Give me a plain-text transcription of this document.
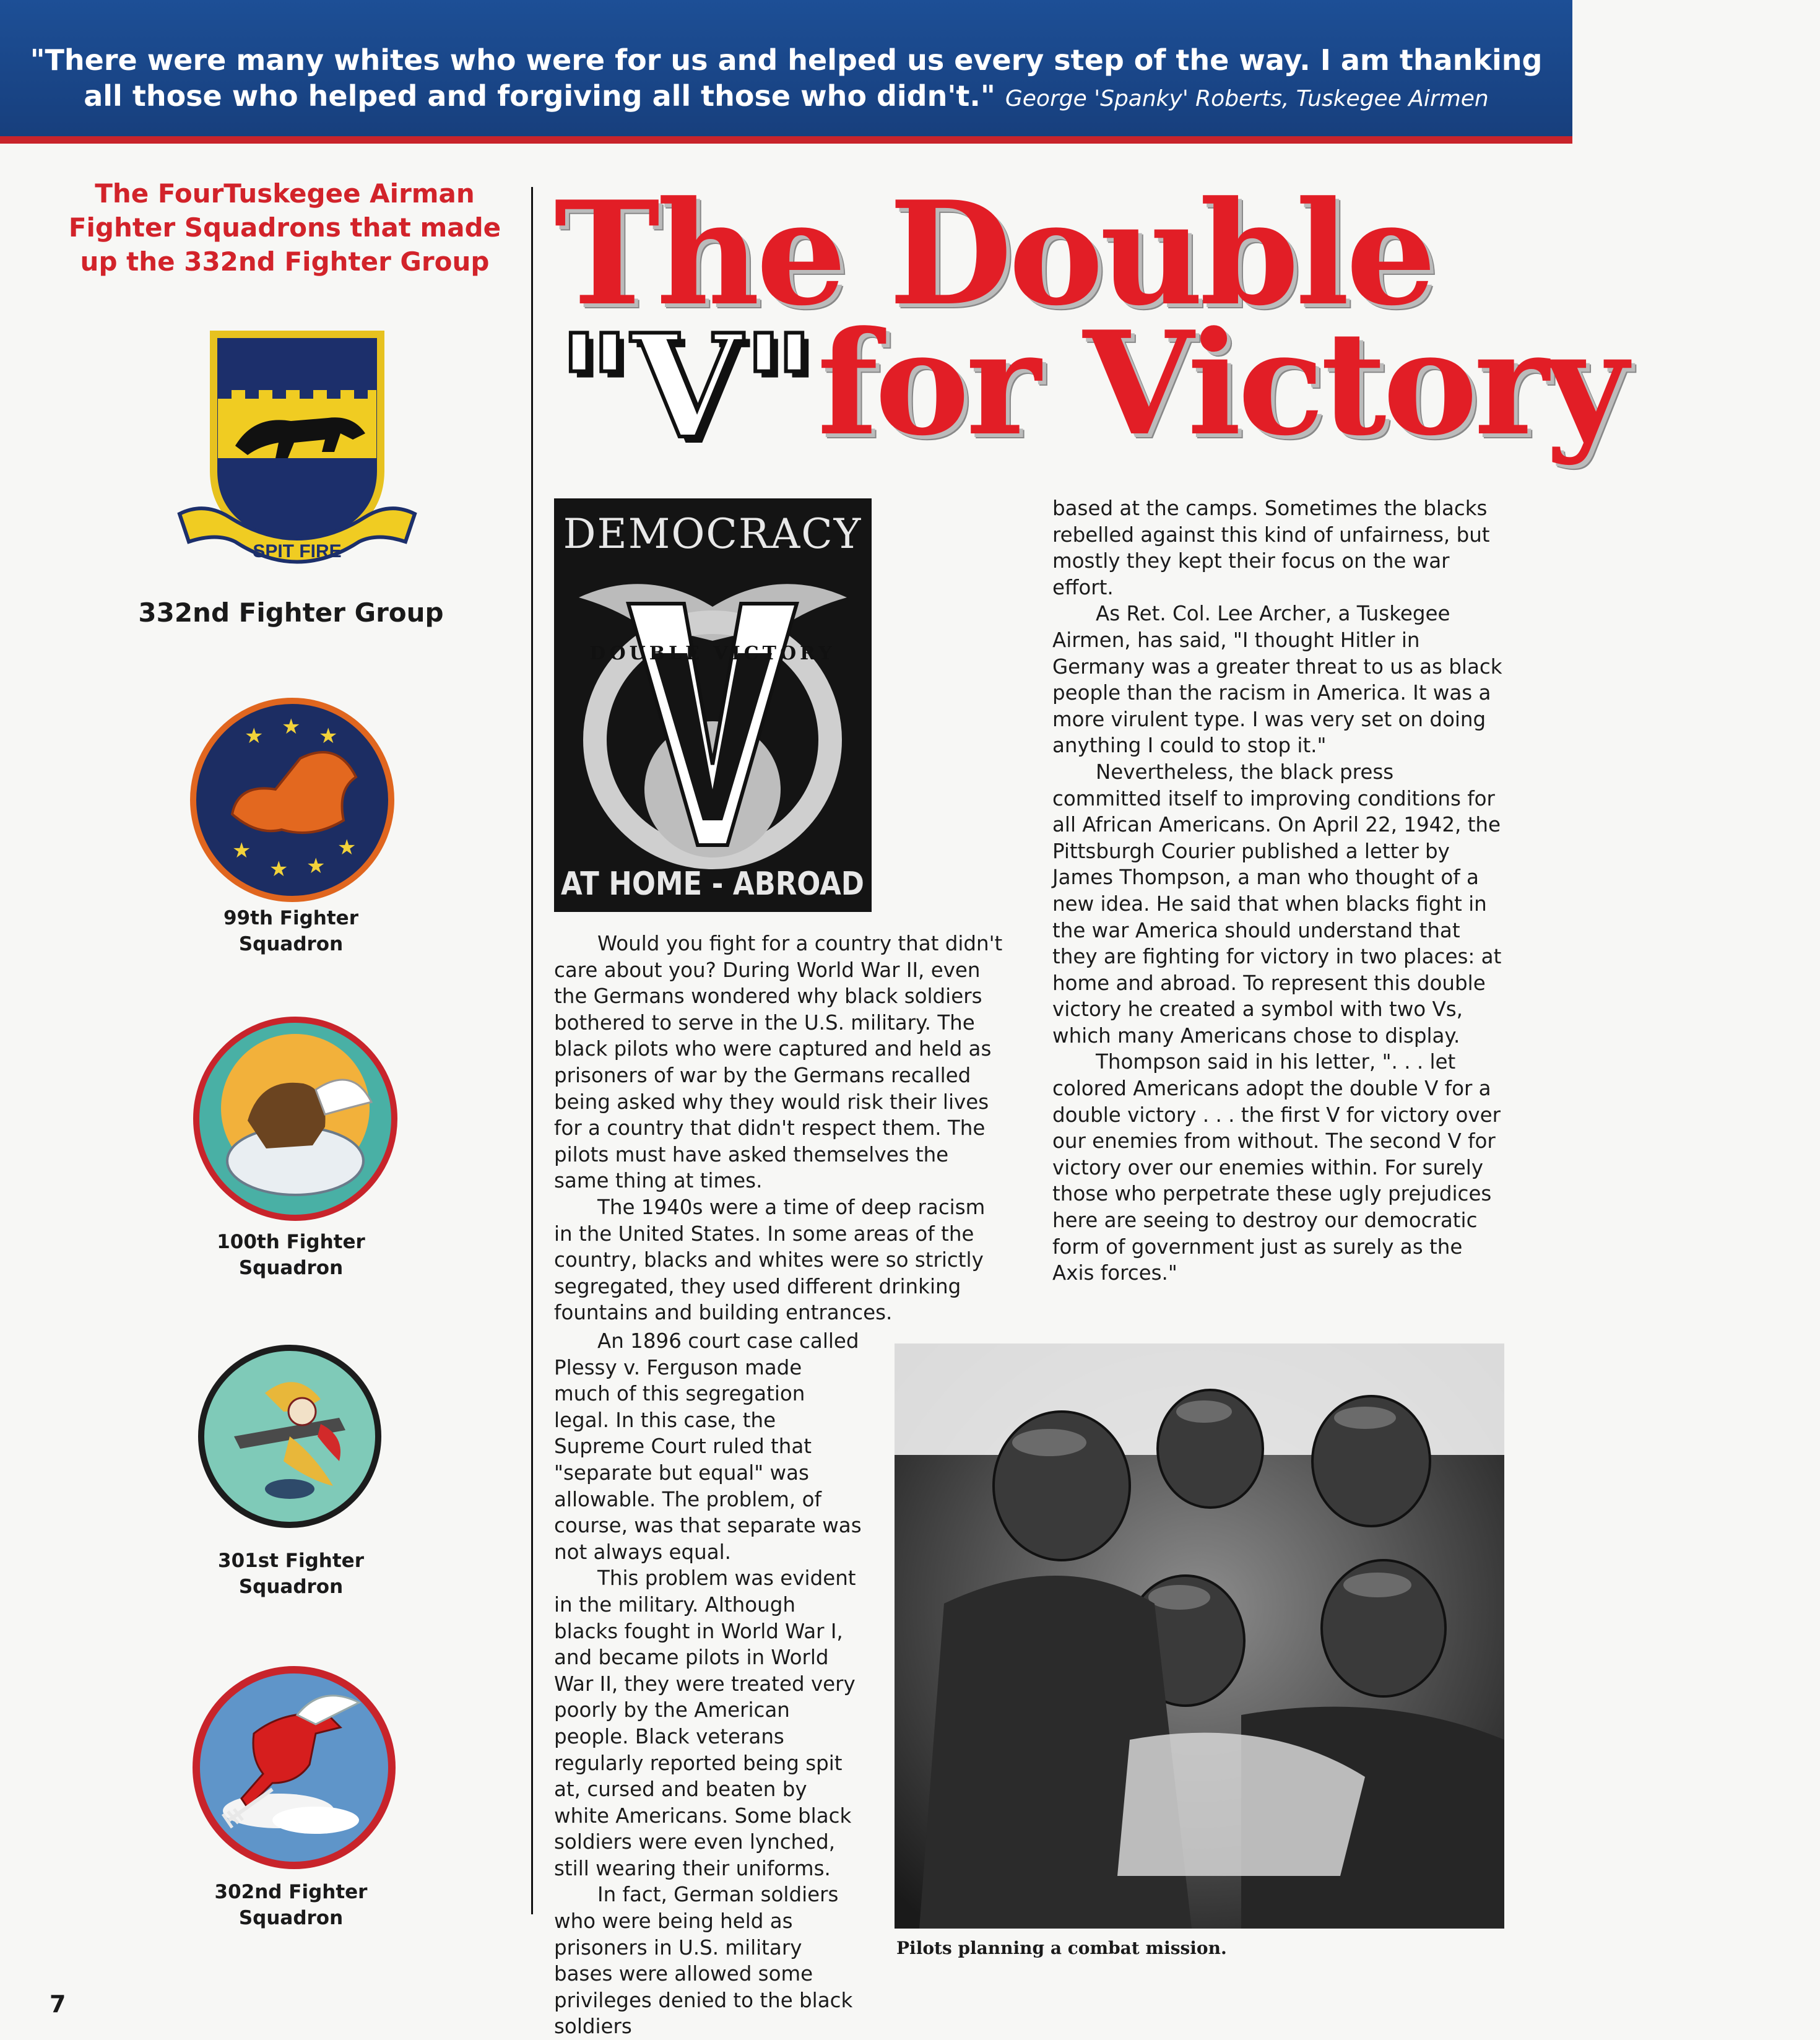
"There were many whites who were for us and helped us every step of the way. I am thanking
all those who helped and forgiving all those who didn't." George 'Spanky' Roberts, Tuskegee Airmen
The FourTuskegee Airman Fighter Squadrons that made up the 332nd Fighter Group
SPIT FIRE
332nd Fighter Group
★ ★ ★
★
★ ★
★
99th Fighter
Squadron
100th Fighter
Squadron
301st Fighter
Squadron
302nd Fighter
Squadron
The Double
"V" for Victory
DEMOCRACY
DOUBLE VICTORY
AT HOME - ABROAD

Would you fight for a country that didn't care about you? During World War II, even the Germans wondered why black soldiers bothered to serve in the U.S. military. The black pilots who were captured and held as prisoners of war by the Germans recalled being asked why they would risk their lives for a country that didn't respect them. The pilots must have asked themselves the same thing at times.

The 1940s were a time of deep racism in the United States. In some areas of the country, blacks and whites were so strictly segregated, they used different drinking fountains and building entrances.

An 1896 court case called Plessy v. Ferguson made much of this segregation legal. In this case, the Supreme Court ruled that "separate but equal" was allowable. The problem, of course, was that separate was not always equal.

This problem was evident in the military. Although blacks fought in World War I, and became pilots in World War II, they were treated very poorly by the American people. Black veterans regularly reported being spit at, cursed and beaten by white Americans. Some black soldiers were even lynched, still wearing their uniforms.

In fact, German soldiers who were being held as prisoners in U.S. military bases were allowed some privileges denied to the black soldiers

based at the camps. Sometimes the blacks rebelled against this kind of unfairness, but mostly they kept their focus on the war effort.

As Ret. Col. Lee Archer, a Tuskegee Airmen, has said, "I thought Hitler in Germany was a greater threat to us as black people than the racism in America. It was a more virulent type. I was very set on doing anything I could to stop it."

Nevertheless, the black press committed itself to improving conditions for all African Americans. On April 22, 1942, the Pittsburgh Courier published a letter by James Thompson, a man who thought of a new idea. He said that when blacks fight in the war America should understand that they are fighting for victory in two places: at home and abroad. To represent this double victory he created a symbol with two Vs, which many Americans chose to display.

Thompson said in his letter, ". . . let colored Americans adopt the double V for a double victory . . . the first V for victory over our enemies from without. The second V for victory over our enemies within. For surely those who perpetrate these ugly prejudices here are seeing to destroy our democratic form of government just as surely as the Axis forces."

Pilots planning a combat mission.
7
